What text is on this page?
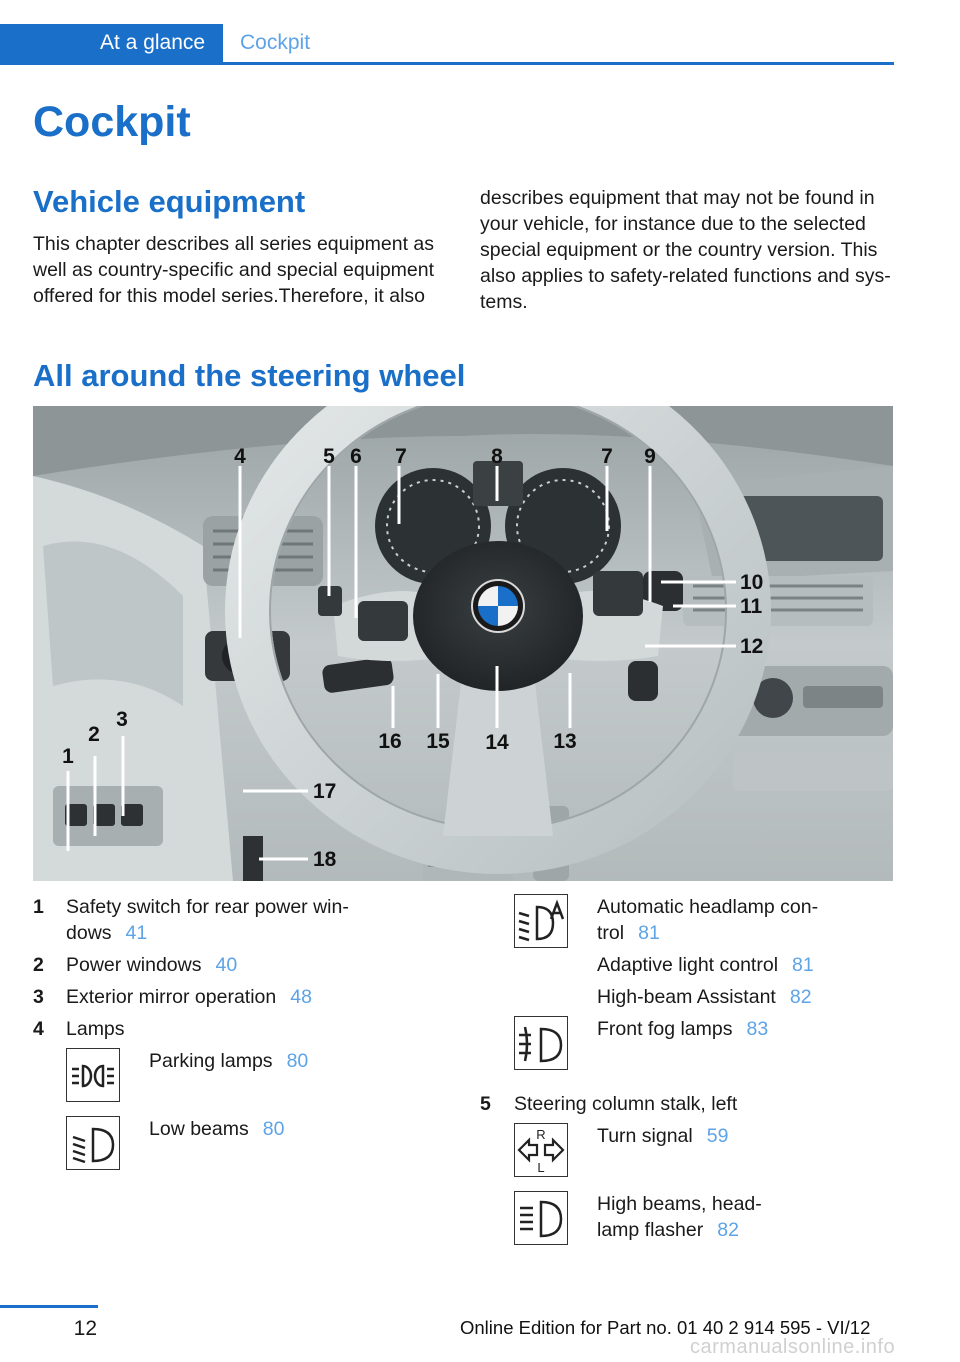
At a glance Cockpit
Cockpit
Vehicle equipment

This chapter describes all series equipment as well as country-specific and special equipment offered for this model series.Therefore, it also

describes equipment that may not be found in your vehicle, for instance due to the selected special equipment or the country version. This also applies to safety-related functions and sys-tems.

All around the steering wheel
4	5 6 7	8	7 9
10
11
12
13
14
15
16
1
2
3
17
18
1 Safety switch for rear power win-
dows 41
2 Power windows 40
3 Exterior mirror operation 48
4 Lamps
Parking lamps 80
Low beams 80
Automatic headlamp con-
trol 81
Adaptive light control 81
High-beam Assistant 82
Front fog lamps 83
5 Steering column stalk, left
R
L
Turn signal 59
High beams, head-
lamp flasher 82
12	Online Edition for Part no. 01 40 2 914 595 - VI/12
carmanualsonline.info
